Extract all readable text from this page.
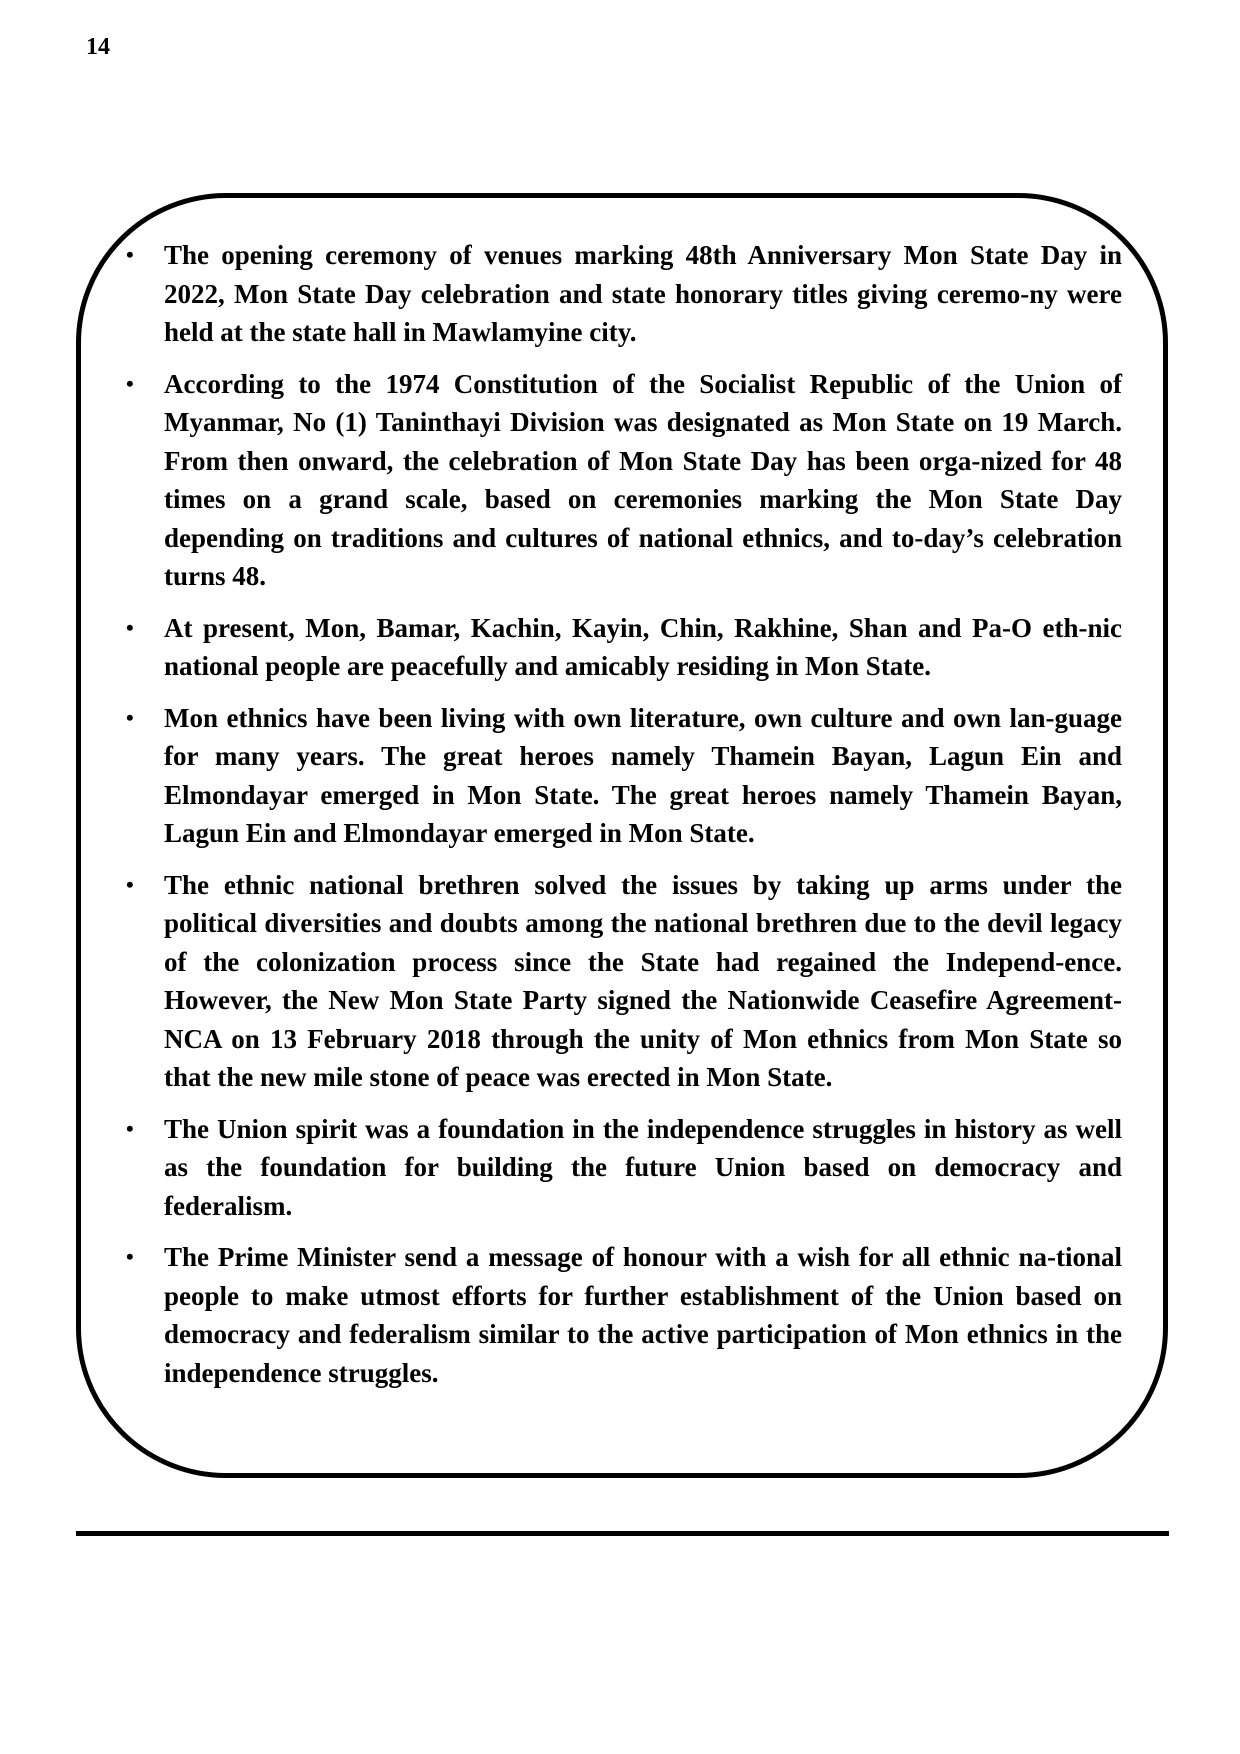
14
• The opening ceremony of venues marking 48th Anniversary Mon State Day in 2022, Mon State Day celebration and state honorary titles giving ceremo-ny were held at the state hall in Mawlamyine city.
• According to the 1974 Constitution of the Socialist Republic of the Union of Myanmar, No (1) Taninthayi Division was designated as Mon State on 19 March. From then onward, the celebration of Mon State Day has been orga-nized for 48 times on a grand scale, based on ceremonies marking the Mon State Day depending on traditions and cultures of national ethnics, and to-day’s celebration turns 48.
• At present, Mon, Bamar, Kachin, Kayin, Chin, Rakhine, Shan and Pa-O eth-nic national people are peacefully and amicably residing in Mon State.
• Mon ethnics have been living with own literature, own culture and own lan-guage for many years. The great heroes namely Thamein Bayan, Lagun Ein and Elmondayar emerged in Mon State. The great heroes namely Thamein Bayan, Lagun Ein and Elmondayar emerged in Mon State.
• The ethnic national brethren solved the issues by taking up arms under the political diversities and doubts among the national brethren due to the devil legacy of the colonization process since the State had regained the Independ-ence. However, the New Mon State Party signed the Nationwide Ceasefire Agreement-NCA on 13 February 2018 through the unity of Mon ethnics from Mon State so that the new mile stone of peace was erected in Mon State.
• The Union spirit was a foundation in the independence struggles in history as well as the foundation for building the future Union based on democracy and federalism.
• The Prime Minister send a message of honour with a wish for all ethnic na-tional people to make utmost efforts for further establishment of the Union based on democracy and federalism similar to the active participation of Mon ethnics in the independence struggles.
